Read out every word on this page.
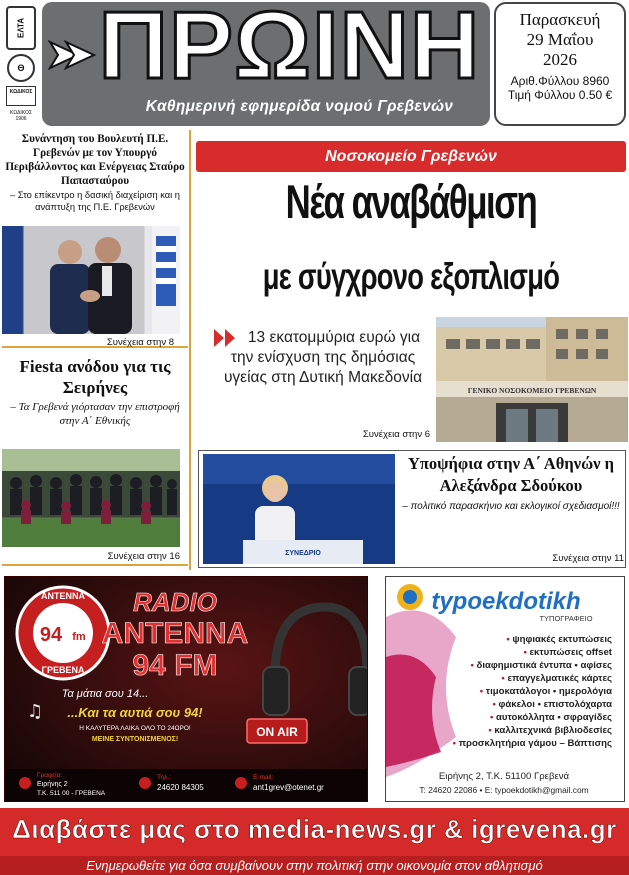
ΕΛΤΑ
Θ
ΚΩΔΙΚΟΣ
ΚΩΔΙΚΟΣ
1906
ΠΡΩΙΝΗ
Καθημερινή εφημερίδα νομού Γρεβενών
Παρασκευή
29 Μαΐου
2026
Αριθ.Φύλλου 8960
Τιμή Φύλλου 0.50 €
Συνάντηση του Βουλευτή Π.Ε. Γρεβενών με τον Υπουργό Περιβάλλοντος και Ενέργειας Σταύρο Παπασταύρου
– Στο επίκεντρο η δασική διαχείριση και η ανάπτυξη της Π.Ε. Γρεβενών
Συνέχεια στην 8
Fiesta ανόδου για τις Σειρήνες
– Τα Γρεβενά γιόρτασαν την επιστροφή στην Α΄ Εθνικής
Συνέχεια στην 16
Νοσοκομείο Γρεβενών
Νέα αναβάθμιση
με σύγχρονο εξοπλισμό
13 εκατομμύρια ευρώ για την ενίσχυση της δημόσιας υγείας στη Δυτική Μακεδονία
Συνέχεια στην 6
ΓΕΝΙΚΟ ΝΟΣΟΚΟΜΕΙΟ ΓΡΕΒΕΝΩΝ
ΣΥΝΕΔΡΙΟ
Υποψήφια στην Α΄ Αθηνών η Αλεξάνδρα Σδούκου
– πολιτικό παρασκήνιο και εκλογικοί σχεδιασμοί!!!
Συνέχεια στην 11
ΑΝΤΕΝΝΑ
94 fm
ΓΡΕΒΕΝΑ
RADIO
ANTENNA
94 FM
Τα μάτια σου 14...
...Και τα αυτιά σου 94!
Η ΚΑΛΥΤΕΡΑ ΛΑΙΚΑ ΟΛΟ ΤΟ 24ΩΡΟ!
ΜΕΙΝΕ ΣΥΝΤΟΝΙΣΜΕΝΟΣ!
ON AIR
♫
Γραφεία:
Ειρήνης 2
Τ.Κ. 511 00 - ΓΡΕΒΕΝΑ
Τηλ.:
24620 84305
E-mail:
ant1grev@otenet.gr
typoekdotikh
ΤΥΠΟΓΡΑΦΕΙΟ
• ψηφιακές εκτυπώσεις
• εκτυπώσεις offset
• διαφημιστικά έντυπα • αφίσες
• επαγγελματικές κάρτες
• τιμοκατάλογοι • ημερολόγια
• φάκελοι • επιστολόχαρτα
• αυτοκόλλητα • σφραγίδες
• καλλιτεχνικά βιβλιοδεσίες
• προσκλητήρια γάμου – Βάπτισης
Ειρήνης 2, Τ.Κ. 51100 Γρεβενά
Τ: 24620 22086 • E: typoekdotikh@gmail.com
Διαβάστε μας στο media-news.gr & igrevena.gr
Ενημερωθείτε για όσα συμβαίνουν στην πολιτική στην οικονομία στον αθλητισμό
